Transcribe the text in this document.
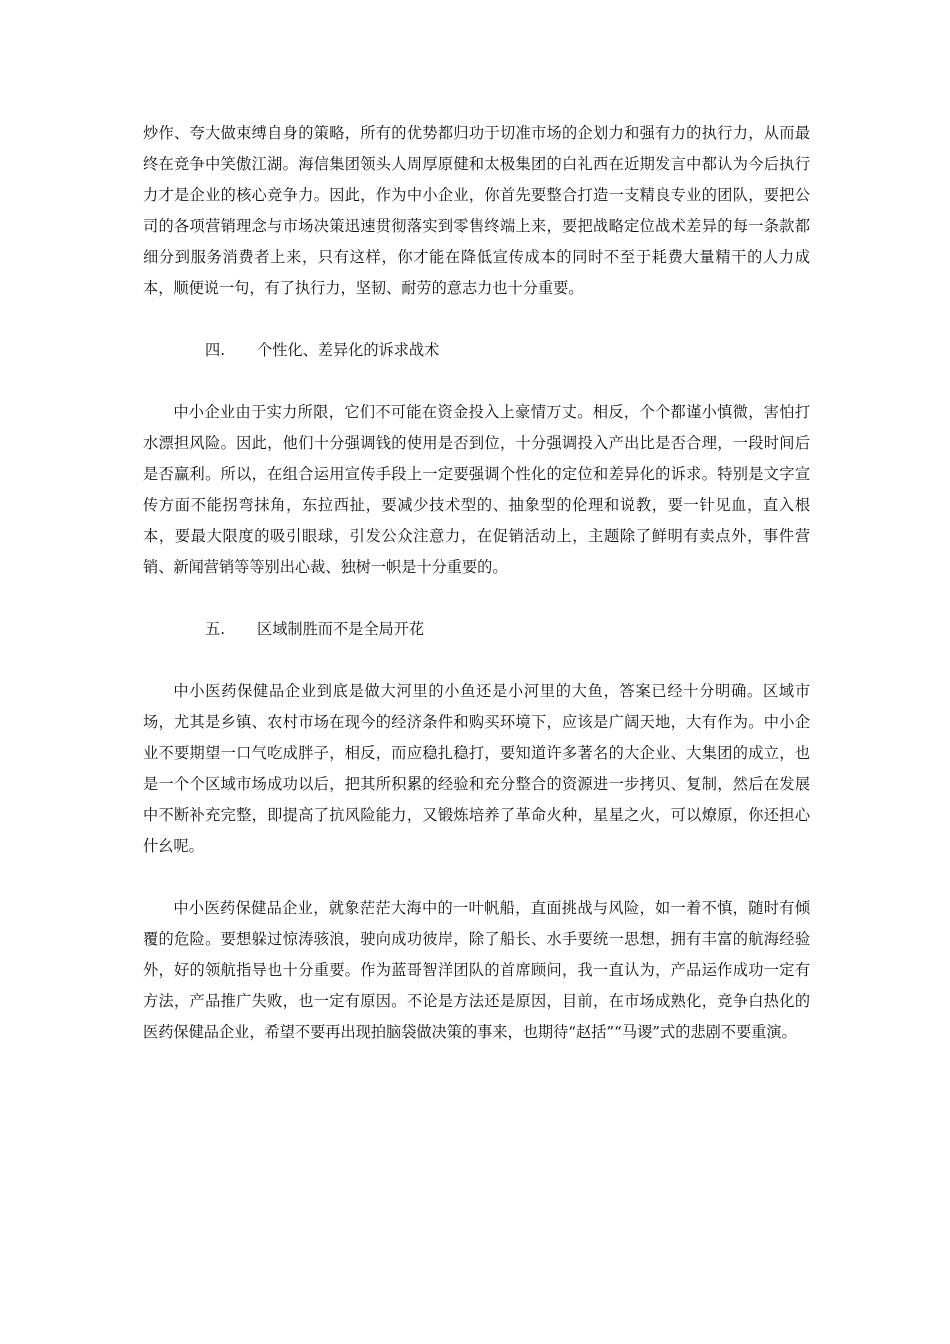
炒作、夸大做束缚自身的策略，所有的优势都归功于切准市场的企划力和强有力的执行力，从而最终在竞争中笑傲江湖。海信集团领头人周厚原健和太极集团的白礼西在近期发言中都认为今后执行力才是企业的核心竞争力。因此，作为中小企业，你首先要整合打造一支精良专业的团队，要把公司的各项营销理念与市场决策迅速贯彻落实到零售终端上来，要把战略定位战术差异的每一条款都细分到服务消费者上来，只有这样，你才能在降低宣传成本的同时不至于耗费大量精干的人力成本，顺便说一句，有了执行力，坚韧、耐劳的意志力也十分重要。

四. 个性化、差异化的诉求战术

中小企业由于实力所限，它们不可能在资金投入上豪情万丈。相反，个个都谨小慎微，害怕打水漂担风险。因此，他们十分强调钱的使用是否到位，十分强调投入产出比是否合理，一段时间后是否赢利。所以，在组合运用宣传手段上一定要强调个性化的定位和差异化的诉求。特别是文字宣传方面不能拐弯抹角，东拉西扯，要减少技术型的、抽象型的伦理和说教，要一针见血，直入根本，要最大限度的吸引眼球，引发公众注意力，在促销活动上，主题除了鲜明有卖点外，事件营销、新闻营销等等别出心裁、独树一帜是十分重要的。

五. 区域制胜而不是全局开花

中小医药保健品企业到底是做大河里的小鱼还是小河里的大鱼，答案已经十分明确。区域市场，尤其是乡镇、农村市场在现今的经济条件和购买环境下，应该是广阔天地，大有作为。中小企业不要期望一口气吃成胖子，相反，而应稳扎稳打，要知道许多著名的大企业、大集团的成立，也是一个个区域市场成功以后，把其所积累的经验和充分整合的资源进一步拷贝、复制，然后在发展中不断补充完整，即提高了抗风险能力，又锻炼培养了革命火种，星星之火，可以燎原，你还担心什幺呢。

中小医药保健品企业，就象茫茫大海中的一叶帆船，直面挑战与风险，如一着不慎，随时有倾覆的危险。要想躲过惊涛骇浪，驶向成功彼岸，除了船长、水手要统一思想，拥有丰富的航海经验外，好的领航指导也十分重要。作为蓝哥智洋团队的首席顾问，我一直认为，产品运作成功一定有方法，产品推广失败，也一定有原因。不论是方法还是原因，目前，在市场成熟化，竞争白热化的医药保健品企业，希望不要再出现拍脑袋做决策的事来，也期待“赵括”“马谡”式的悲剧不要重演。
